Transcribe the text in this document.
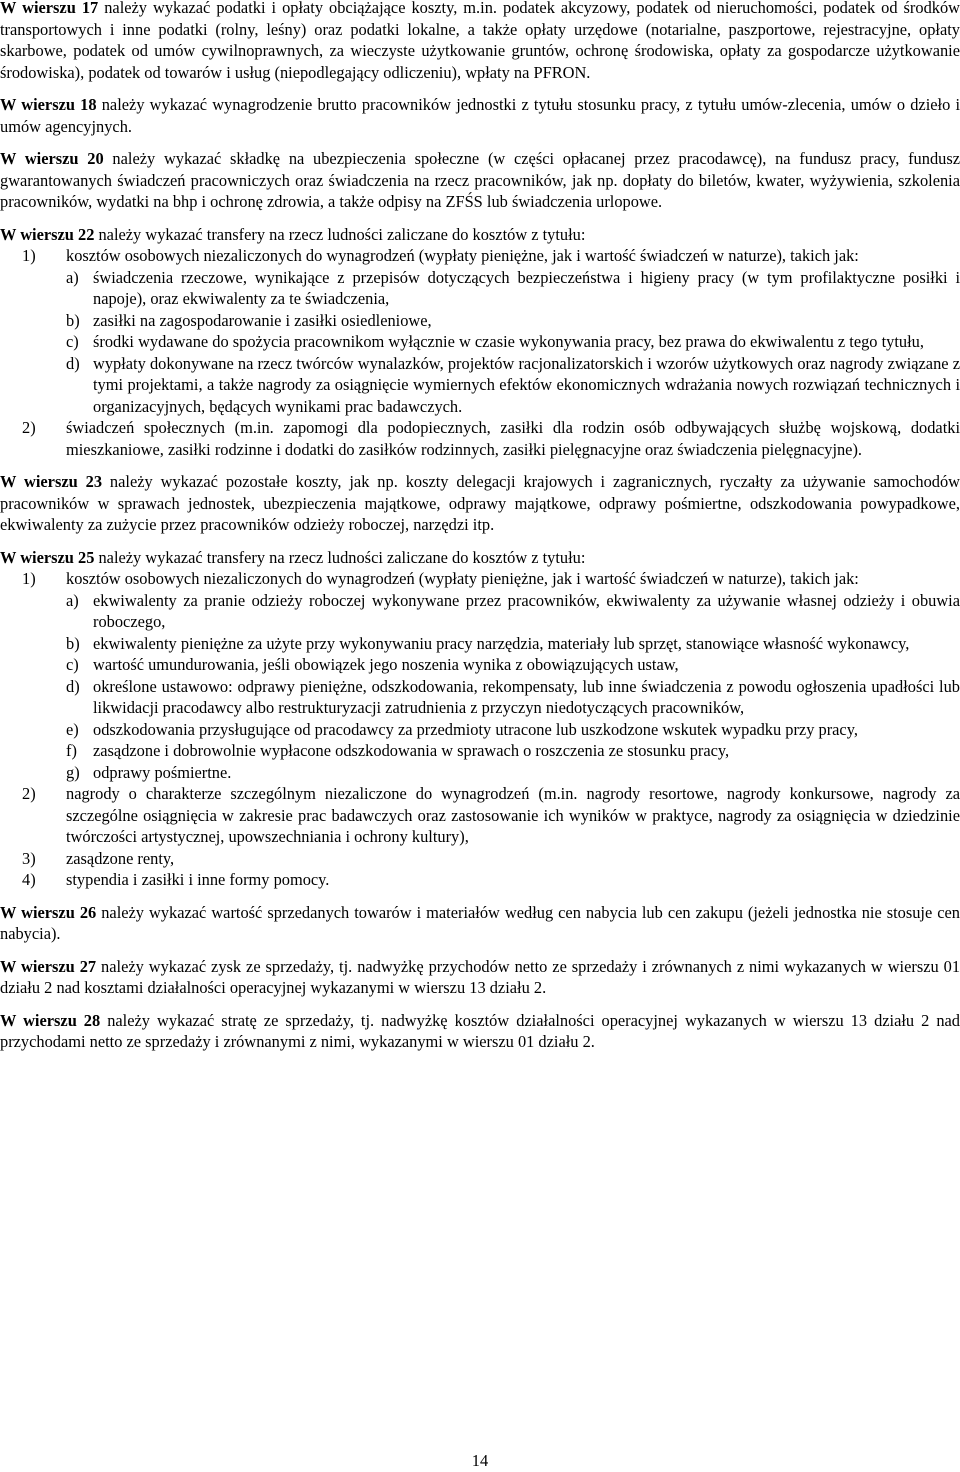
W wierszu 17 należy wykazać podatki i opłaty obciążające koszty, m.in. podatek akcyzowy, podatek od nieruchomości, podatek od środków transportowych i inne podatki (rolny, leśny) oraz podatki lokalne, a także opłaty urzędowe (notarialne, paszportowe, rejestracyjne, opłaty skarbowe, podatek od umów cywilnoprawnych, za wieczyste użytkowanie gruntów, ochronę środowiska, opłaty za gospodarcze użytkowanie środowiska), podatek od towarów i usług (niepodlegający odliczeniu), wpłaty na PFRON.

W wierszu 18 należy wykazać wynagrodzenie brutto pracowników jednostki z tytułu stosunku pracy, z tytułu umów-zlecenia, umów o dzieło i umów agencyjnych.

W wierszu 20 należy wykazać składkę na ubezpieczenia społeczne (w części opłacanej przez pracodawcę), na fundusz pracy, fundusz gwarantowanych świadczeń pracowniczych oraz świadczenia na rzecz pracowników, jak np. dopłaty do biletów, kwater, wyżywienia, szkolenia pracowników, wydatki na bhp i ochronę zdrowia, a także odpisy na ZFŚS lub świadczenia urlopowe.

W wierszu 22 należy wykazać transfery na rzecz ludności zaliczane do kosztów z tytułu:
1) kosztów osobowych niezaliczonych do wynagrodzeń (wypłaty pieniężne, jak i wartość świadczeń w naturze), takich jak:
a) świadczenia rzeczowe, wynikające z przepisów dotyczących bezpieczeństwa i higieny pracy (w tym profilaktyczne posiłki i napoje), oraz ekwiwalenty za te świadczenia,
b) zasiłki na zagospodarowanie i zasiłki osiedleniowe,
c) środki wydawane do spożycia pracownikom wyłącznie w czasie wykonywania pracy, bez prawa do ekwiwalentu z tego tytułu,
d) wypłaty dokonywane na rzecz twórców wynalazków, projektów racjonalizatorskich i wzorów użytkowych oraz nagrody związane z tymi projektami, a także nagrody za osiągnięcie wymiernych efektów ekonomicznych wdrażania nowych rozwiązań technicznych i organizacyjnych, będących wynikami prac badawczych.
2) świadczeń społecznych (m.in. zapomogi dla podopiecznych, zasiłki dla rodzin osób odbywających służbę wojskową, dodatki mieszkaniowe, zasiłki rodzinne i dodatki do zasiłków rodzinnych, zasiłki pielęgnacyjne oraz świadczenia pielęgnacyjne).

W wierszu 23 należy wykazać pozostałe koszty, jak np. koszty delegacji krajowych i zagranicznych, ryczałty za używanie samochodów pracowników w sprawach jednostek, ubezpieczenia majątkowe, odprawy majątkowe, odprawy pośmiertne, odszkodowania powypadkowe, ekwiwalenty za zużycie przez pracowników odzieży roboczej, narzędzi itp.

W wierszu 25 należy wykazać transfery na rzecz ludności zaliczane do kosztów z tytułu:
1) kosztów osobowych niezaliczonych do wynagrodzeń (wypłaty pieniężne, jak i wartość świadczeń w naturze), takich jak:
a) ekwiwalenty za pranie odzieży roboczej wykonywane przez pracowników, ekwiwalenty za używanie własnej odzieży i obuwia roboczego,
b) ekwiwalenty pieniężne za użyte przy wykonywaniu pracy narzędzia, materiały lub sprzęt, stanowiące własność wykonawcy,
c) wartość umundurowania, jeśli obowiązek jego noszenia wynika z obowiązujących ustaw,
d) określone ustawowo: odprawy pieniężne, odszkodowania, rekompensaty, lub inne świadczenia z powodu ogłoszenia upadłości lub likwidacji pracodawcy albo restrukturyzacji zatrudnienia z przyczyn niedotyczących pracowników,
e) odszkodowania przysługujące od pracodawcy za przedmioty utracone lub uszkodzone wskutek wypadku przy pracy,
f) zasądzone i dobrowolnie wypłacone odszkodowania w sprawach o roszczenia ze stosunku pracy,
g) odprawy pośmiertne.
2) nagrody o charakterze szczególnym niezaliczone do wynagrodzeń (m.in. nagrody resortowe, nagrody konkursowe, nagrody za szczególne osiągnięcia w zakresie prac badawczych oraz zastosowanie ich wyników w praktyce, nagrody za osiągnięcia w dziedzinie twórczości artystycznej, upowszechniania i ochrony kultury),
3) zasądzone renty,
4) stypendia i zasiłki i inne formy pomocy.

W wierszu 26 należy wykazać wartość sprzedanych towarów i materiałów według cen nabycia lub cen zakupu (jeżeli jednostka nie stosuje cen nabycia).

W wierszu 27 należy wykazać zysk ze sprzedaży, tj. nadwyżkę przychodów netto ze sprzedaży i zrównanych z nimi wykazanych w wierszu 01 działu 2 nad kosztami działalności operacyjnej wykazanymi w wierszu 13 działu 2.

W wierszu 28 należy wykazać stratę ze sprzedaży, tj. nadwyżkę kosztów działalności operacyjnej wykazanych w wierszu 13 działu 2 nad przychodami netto ze sprzedaży i zrównanymi z nimi, wykazanymi w wierszu 01 działu 2.

14
